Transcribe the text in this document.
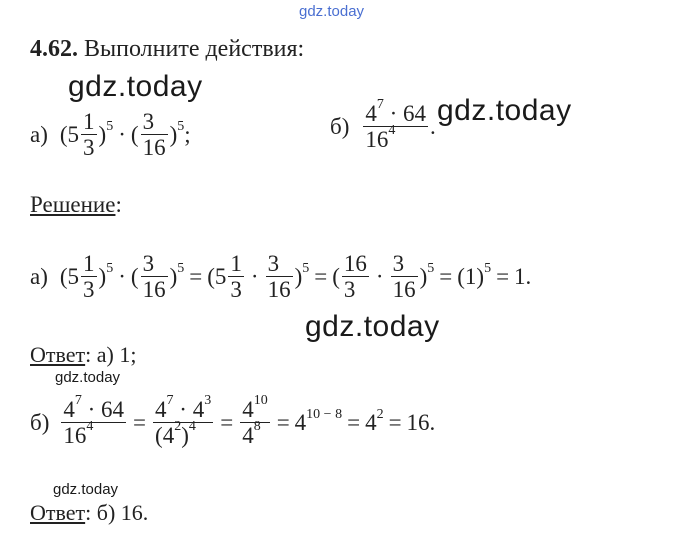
gdz.today
gdz.today
gdz.today
gdz.today
gdz.today
gdz.today
4.62. Выполните действия:
а) ( $5 \frac{1}{3} )^5$ · ( $\frac{3}{16} )^5$ ;	$б) \frac{4^7 \cdot 64}{16^4}$ .
Решение:
а) ( $5 \frac{1}{3} )^5$ · ( $\frac{3}{16} )^5$ = ( $5 \frac{1}{3} \cdot \frac{3}{16} )^5$ = ( $\frac{16}{3} \cdot \frac{3}{16} )^5 = (1)^5 = 1$.
Ответ: а) 1;
$б) \frac{4^7 \cdot 64}{16^4} = \frac{4^7 \cdot 4^3}{(4^2)^4} = \frac{4^{10}}{4^8} = 4^{10 - 8} = 4^2 = 16$.
Ответ: б) 16.
